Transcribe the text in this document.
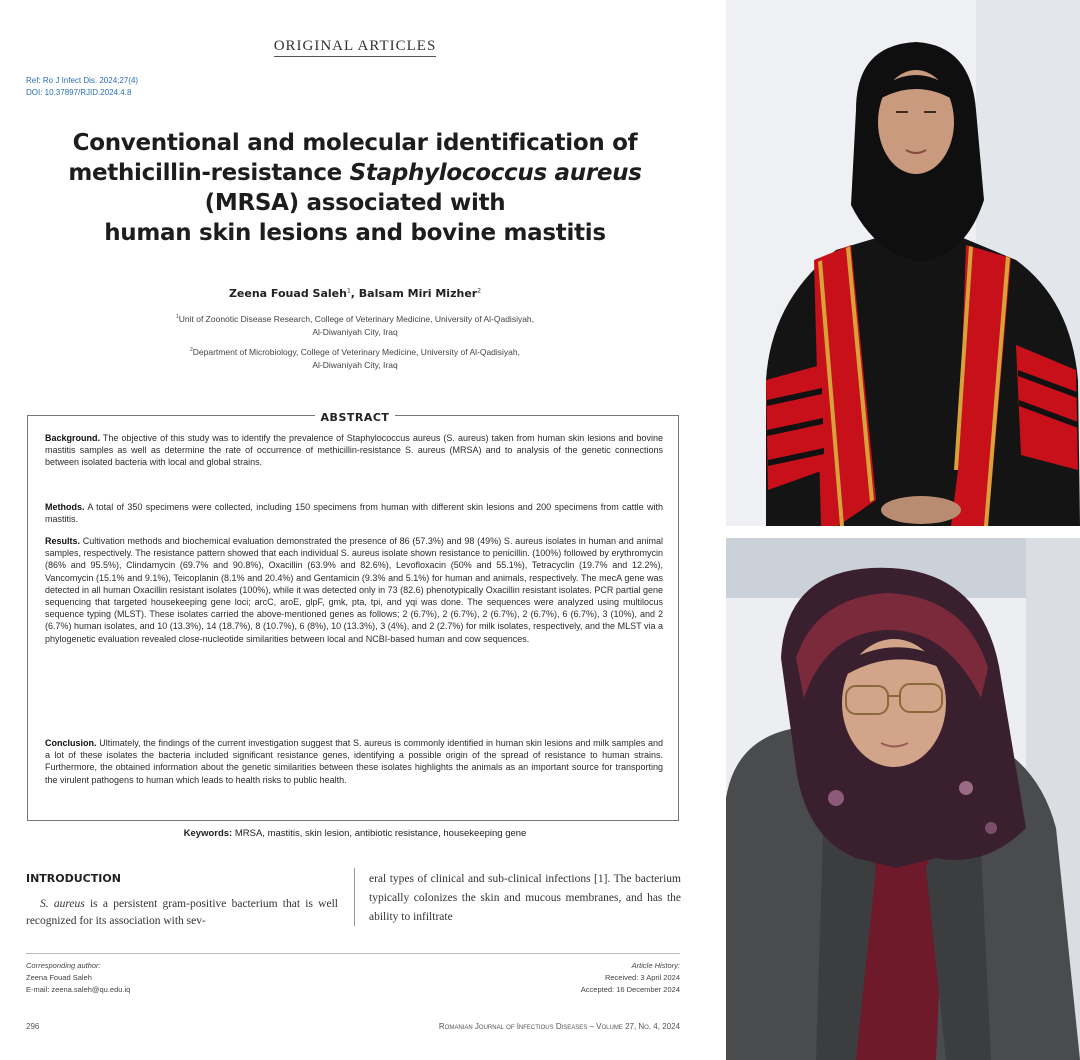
ORIGINAL ARTICLES
Ref: Ro J Infect Dis. 2024;27(4)
DOI: 10.37897/RJID.2024.4.8
Conventional and molecular identification of
methicillin-resistance Staphylococcus aureus
(MRSA) associated with
human skin lesions and bovine mastitis
Zeena Fouad Saleh$^1$, Balsam Miri Mizher$^2$
$^1$Unit of Zoonotic Disease Research, College of Veterinary Medicine, University of Al-Qadisiyah,
Al-Diwaniyah City, Iraq
$^2$Department of Microbiology, College of Veterinary Medicine, University of Al-Qadisiyah,
Al-Diwaniyah City, Iraq
ABSTRACT
Background. The objective of this study was to identify the prevalence of Staphylococcus aureus (S. aureus) taken from human skin lesions and bovine mastitis samples as well as determine the rate of occurrence of methicillin-resistance S. aureus (MRSA) and to analysis of the genetic connections between isolated bacteria with local and global strains.
Methods. A total of 350 specimens were collected, including 150 specimens from human with different skin lesions and 200 specimens from cattle with mastitis.
Results. Cultivation methods and biochemical evaluation demonstrated the presence of 86 (57.3%) and 98 (49%) S. aureus isolates in human and animal samples, respectively. The resistance pattern showed that each individual S. aureus isolate shown resistance to penicillin. (100%) followed by erythromycin (86% and 95.5%), Clindamycin (69.7% and 90.8%), Oxacillin (63.9% and 82.6%), Levofloxacin (50% and 55.1%), Tetracyclin (19.7% and 12.2%), Vancomycin (15.1% and 9.1%), Teicoplanin (8.1% and 20.4%) and Gentamicin (9.3% and 5.1%) for human and animals, respectively. The mecA gene was detected in all human Oxacillin resistant isolates (100%), while it was detected only in 73 (82.6) phenotypically Oxacillin resistant isolates. PCR partial gene sequencing that targeted housekeeping gene loci; arcC, aroE, glpF, gmk, pta, tpi, and yqi was done. The sequences were analyzed using multilocus sequence typing (MLST). These isolates carried the above-mentioned genes as follows; 2 (6.7%), 2 (6.7%), 2 (6.7%), 2 (6.7%), 6 (6.7%), 3 (10%), and 2 (6.7%) human isolates, and 10 (13.3%), 14 (18.7%), 8 (10.7%), 6 (8%), 10 (13.3%), 3 (4%), and 2 (2.7%) for milk isolates, respectively, and the MLST via a phylogenetic evaluation revealed close-nucleotide similarities between local and NCBI-based human and cow sequences.
Conclusion. Ultimately, the findings of the current investigation suggest that S. aureus is commonly identified in human skin lesions and milk samples and a lot of these isolates the bacteria included significant resistance genes, identifying a possible origin of the spread of resistance to human strains. Furthermore, the obtained information about the genetic similarities between these isolates highlights the animals as an important source for transporting the virulent pathogens to human which leads to health risks to public health.
Keywords: MRSA, mastitis, skin lesion, antibiotic resistance, housekeeping gene
INTRODUCTION
S. aureus is a persistent gram-positive bacterium that is well recognized for its association with sev-
eral types of clinical and sub-clinical infections [1]. The bacterium typically colonizes the skin and mucous membranes, and has the ability to infiltrate
Corresponding author:
Zeena Fouad Saleh
E-mail: zeena.saleh@qu.edu.iq
Article History:
Received: 3 April 2024
Accepted: 16 December 2024
296	Romanian Journal of Infectious Diseases – Volume 27, No. 4, 2024
